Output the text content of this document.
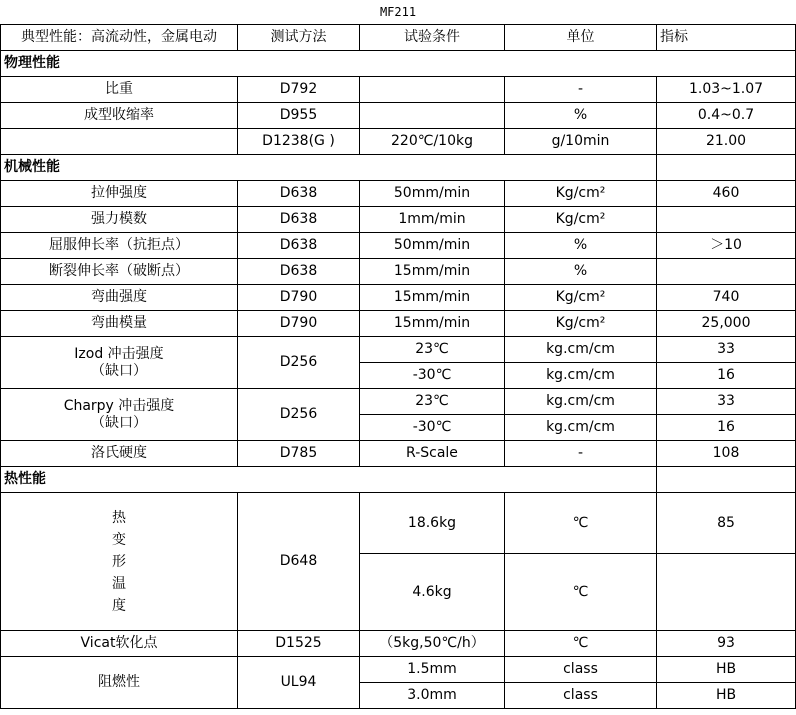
MF211				
典型性能：高流动性，金属电动	测试方法	试验条件	单位	指标
物理性能				
比重	D792		-	1.03~1.07
成型收缩率	D955		%	0.4~0.7
	D1238(G )	220℃/10kg	g/10min	21.00
机械性能				
拉伸强度	D638	50mm/min	Kg/cm²	460
强力模数	D638	1mm/min	Kg/cm²	
屈服伸长率（抗拒点）	D638	50mm/min	%	＞10
断裂伸长率（破断点）	D638	15mm/min	%	
弯曲强度	D790	15mm/min	Kg/cm²	740
弯曲模量	D790	15mm/min	Kg/cm²	25,000

Izod 冲击强度
（缺口）	D256	23℃	kg.cm/cm	33
		-30℃	kg.cm/cm	16

Charpy 冲击强度
（缺口）	D256	23℃	kg.cm/cm	33
		-30℃	kg.cm/cm	16
洛氏硬度	D785	R-Scale	-	108
热性能				

热
变
形
温
度	D648	18.6kg	℃	85
		4.6kg	℃	
Vicat软化点	D1525	（5kg,50℃/h）	℃	93
阻燃性	UL94	1.5mm	class	HB
		3.0mm	class	HB
